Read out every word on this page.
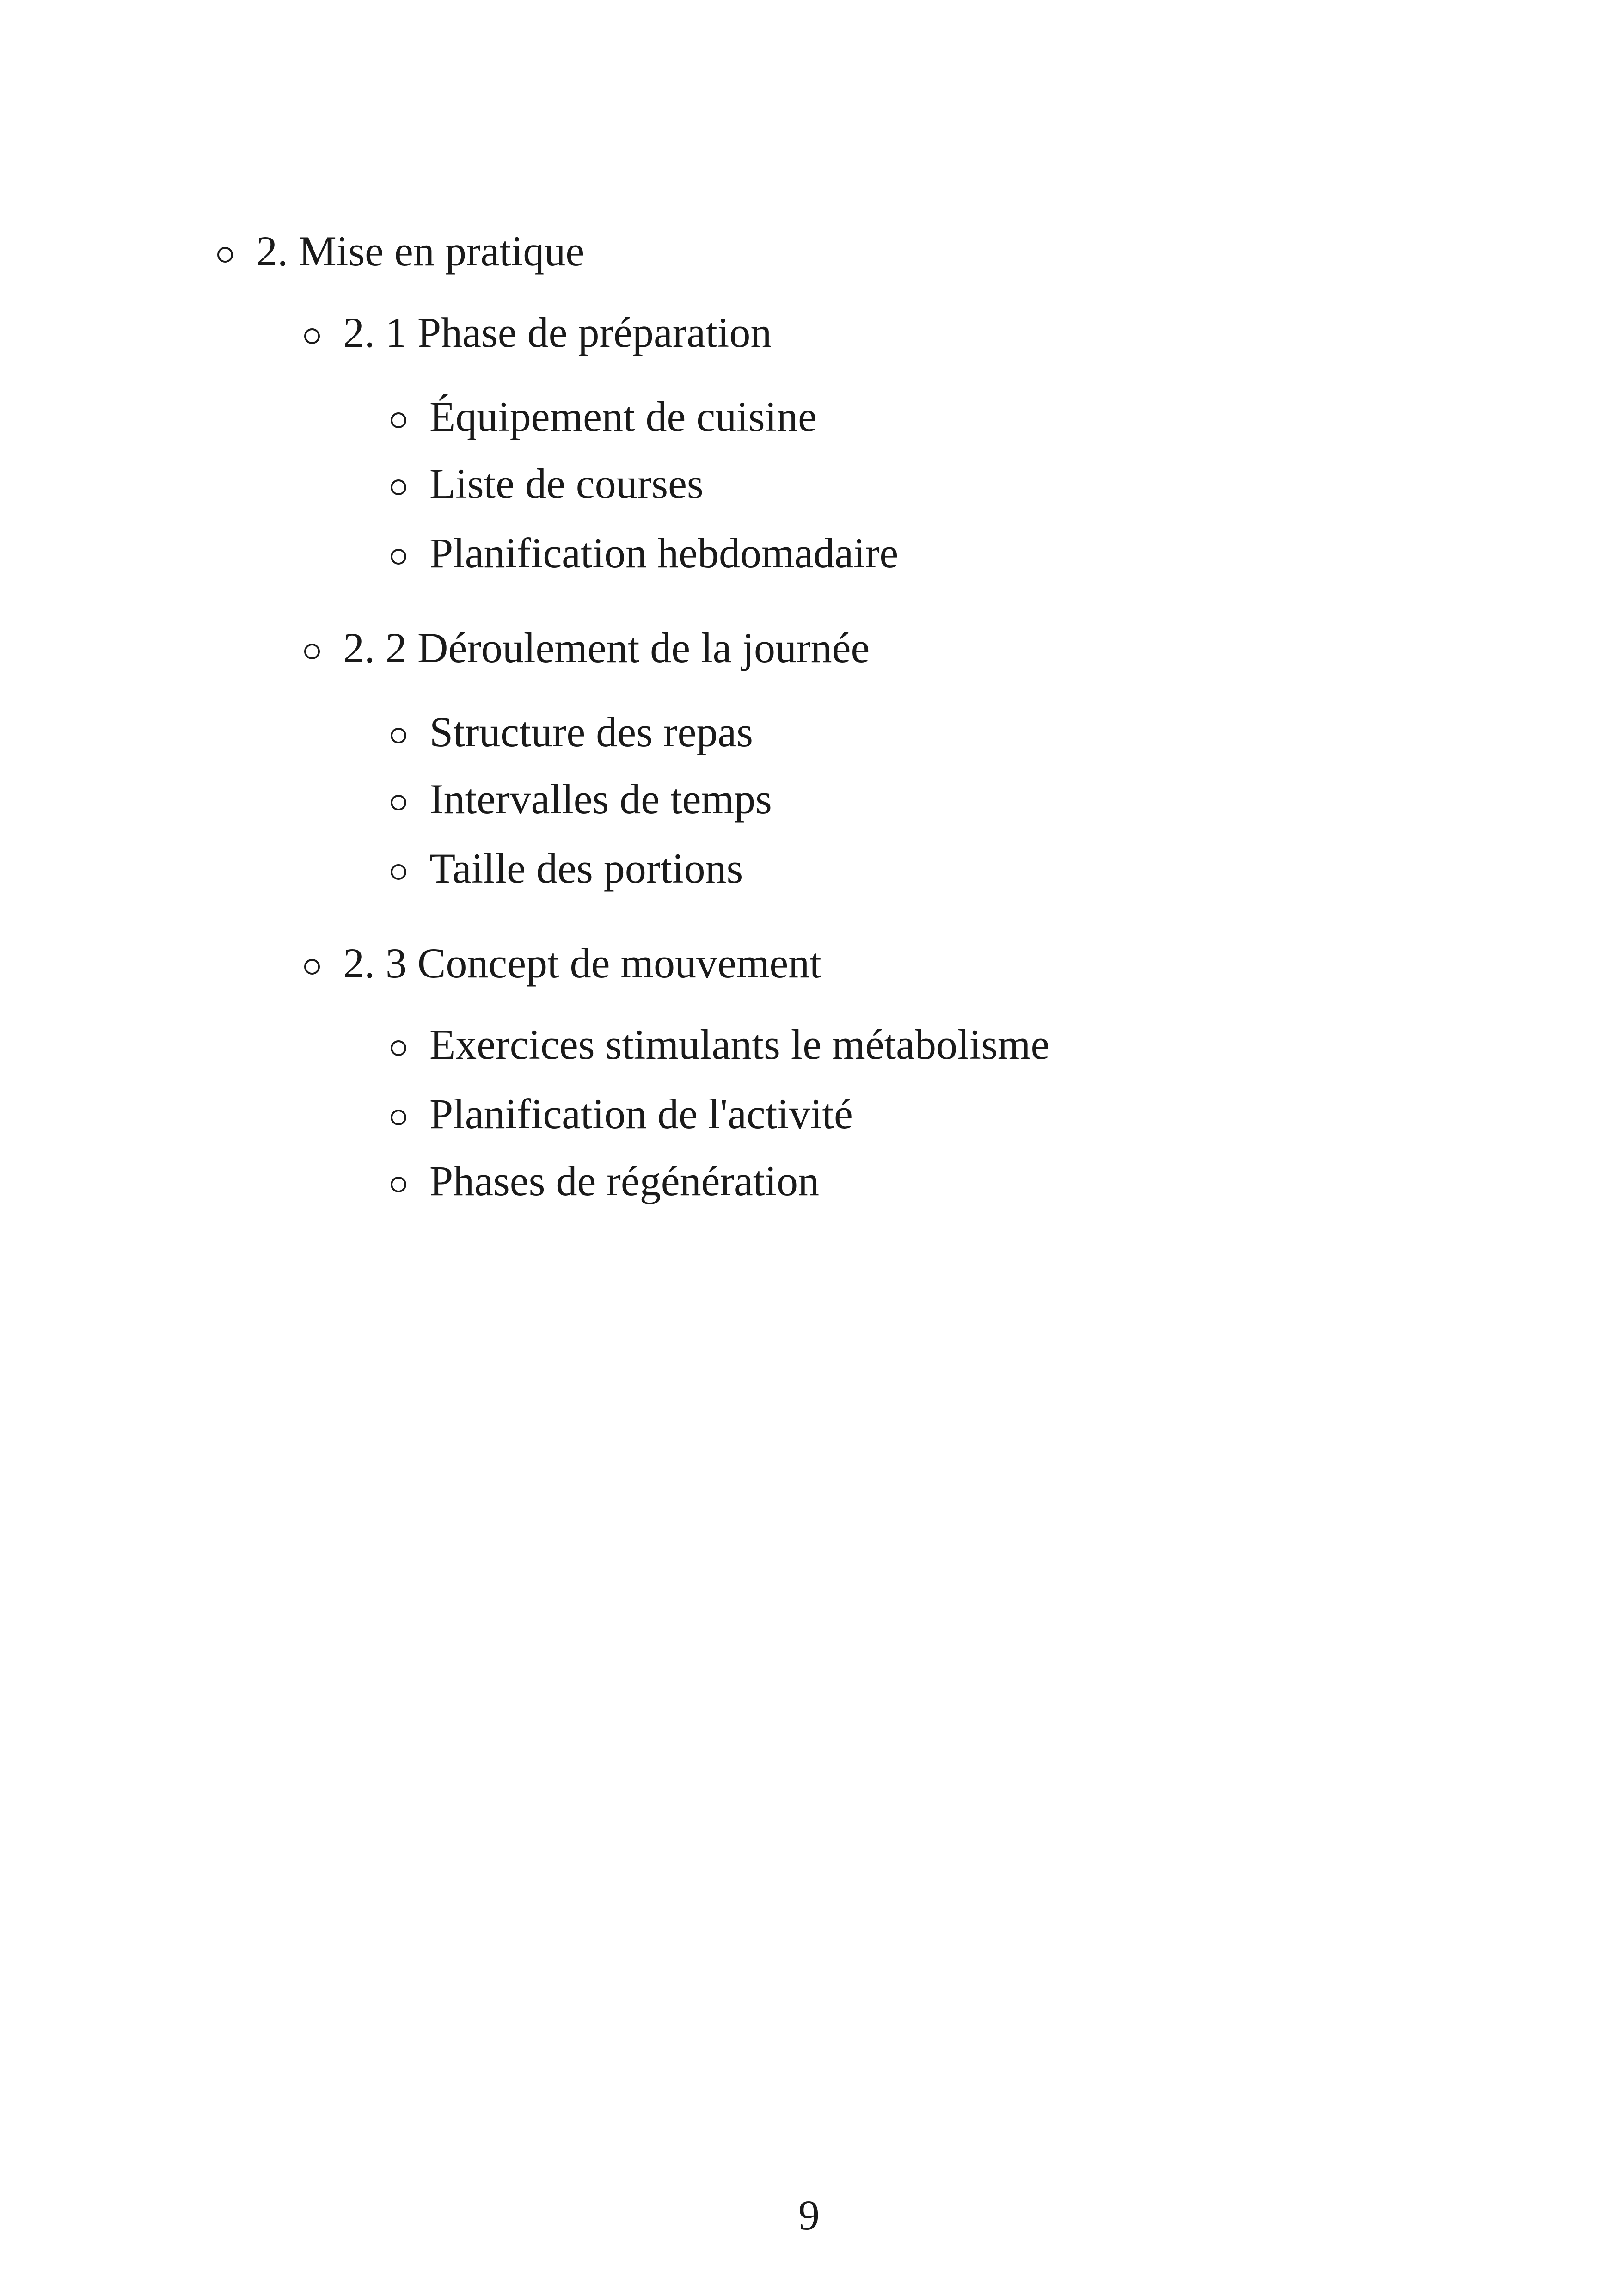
2. Mise en pratique
2. 1 Phase de préparation
Équipement de cuisine
Liste de courses
Planification hebdomadaire
2. 2 Déroulement de la journée
Structure des repas
Intervalles de temps
Taille des portions
2. 3 Concept de mouvement
Exercices stimulants le métabolisme
Planification de l'activité
Phases de régénération
9
